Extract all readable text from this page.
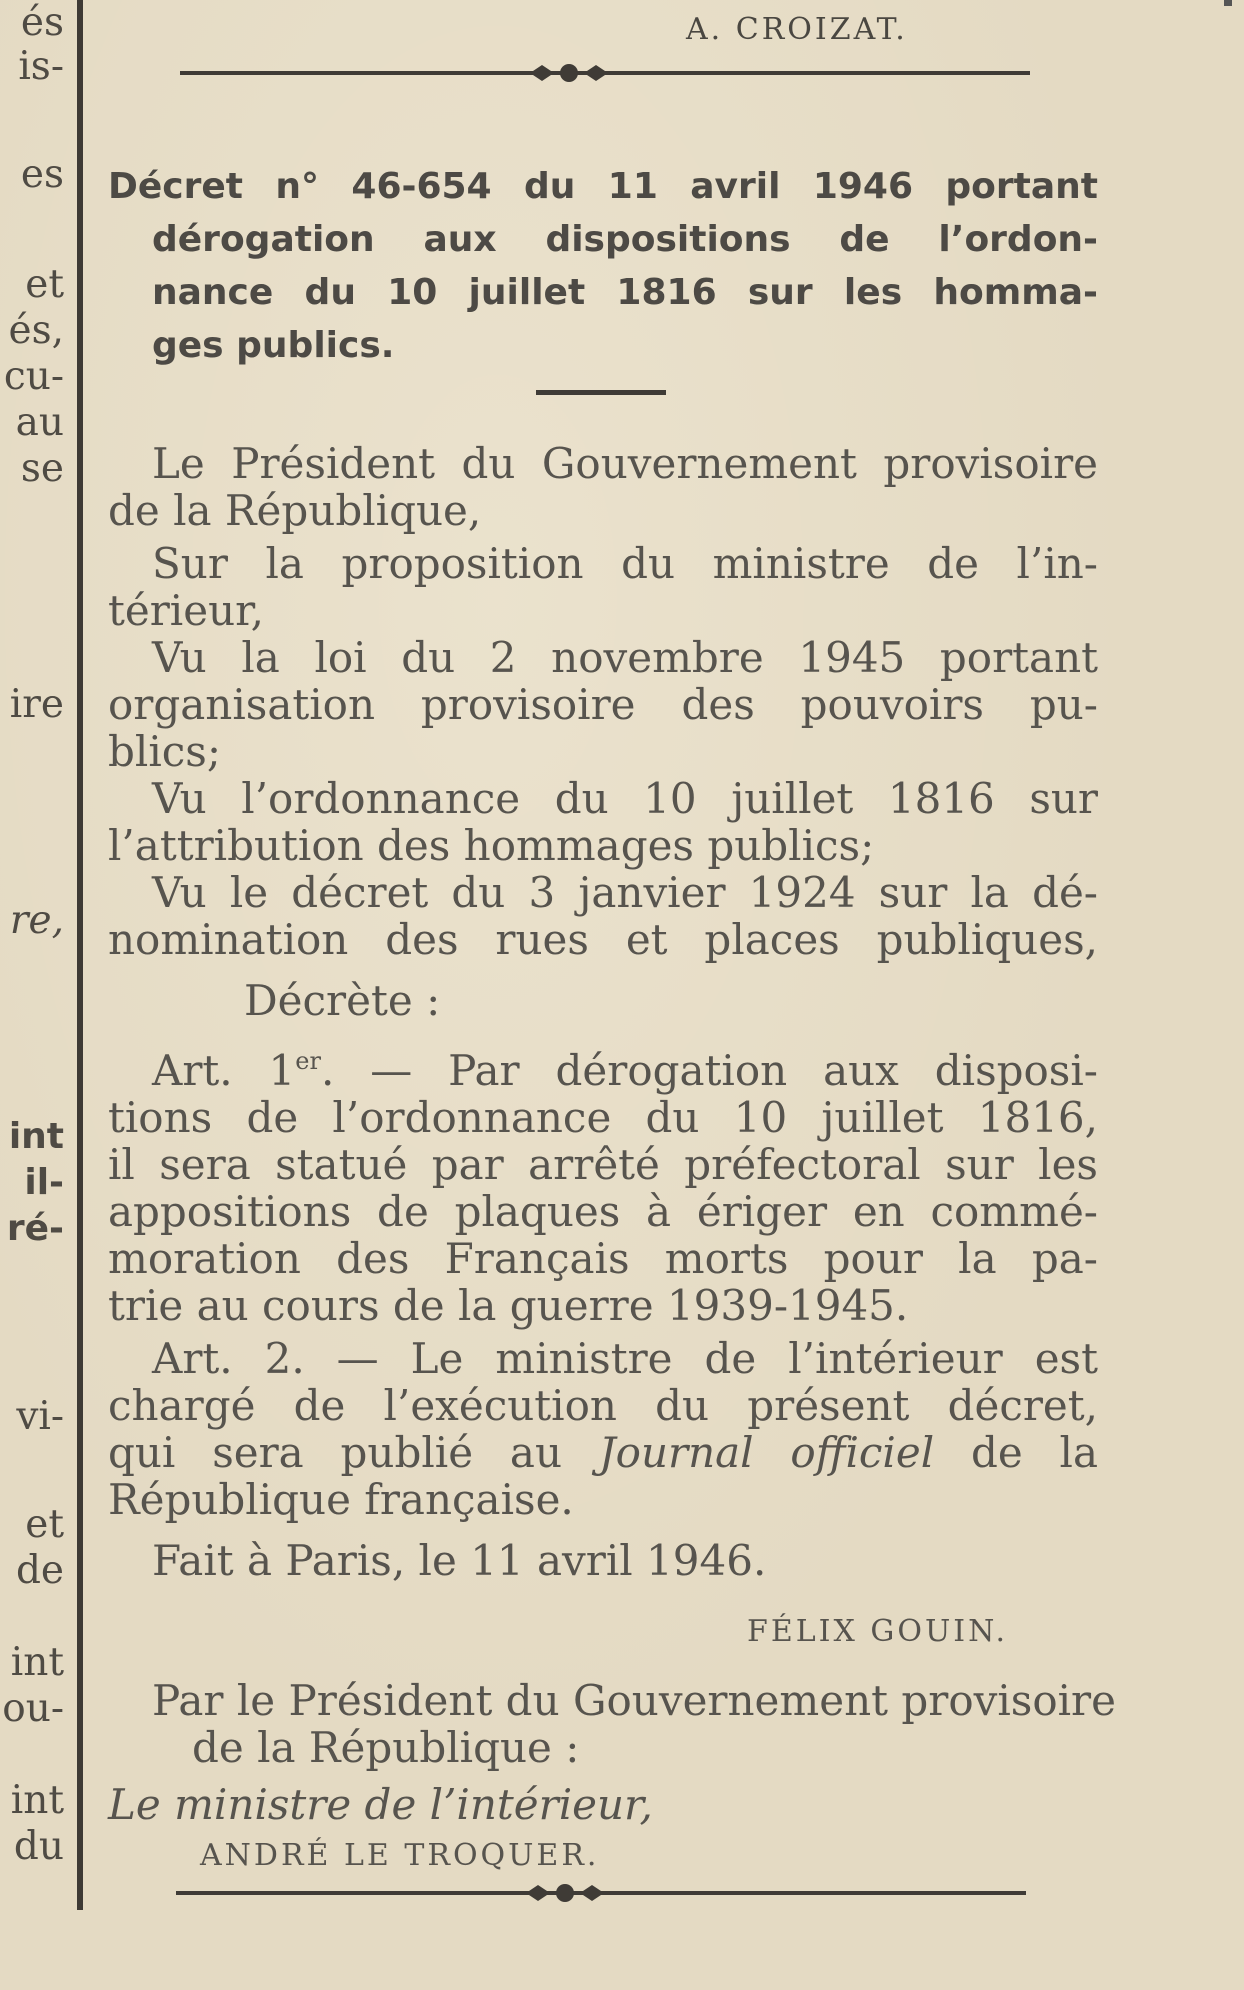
és
is-
es
et
és,
cu-
au
se
ire
re,
int
il-
ré-
vi-
et
de
int
ou-
int
du
A. CROIZAT.
Décret n° 46-654 du 11 avril 1946 portant
dérogation aux dispositions de l’ordon-
nance du 10 juillet 1816 sur les homma-
ges publics.
Le Président du Gouvernement provisoire
de la République,
Sur la proposition du ministre de l’in-
térieur,
Vu la loi du 2 novembre 1945 portant
organisation provisoire des pouvoirs pu-
blics;
Vu l’ordonnance du 10 juillet 1816 sur
l’attribution des hommages publics;
Vu le décret du 3 janvier 1924 sur la dé-
nomination des rues et places publiques,
Décrète :
Art. 1er. — Par dérogation aux disposi-
tions de l’ordonnance du 10 juillet 1816,
il sera statué par arrêté préfectoral sur les
appositions de plaques à ériger en commé-
moration des Français morts pour la pa-
trie au cours de la guerre 1939-1945.
Art. 2. — Le ministre de l’intérieur est
chargé de l’exécution du présent décret,
qui sera publié au Journal officiel de la
République française.
Fait à Paris, le 11 avril 1946.
FÉLIX GOUIN.
Par le Président du Gouvernement provisoire
de la République :
Le ministre de l’intérieur,
ANDRÉ LE TROQUER.
